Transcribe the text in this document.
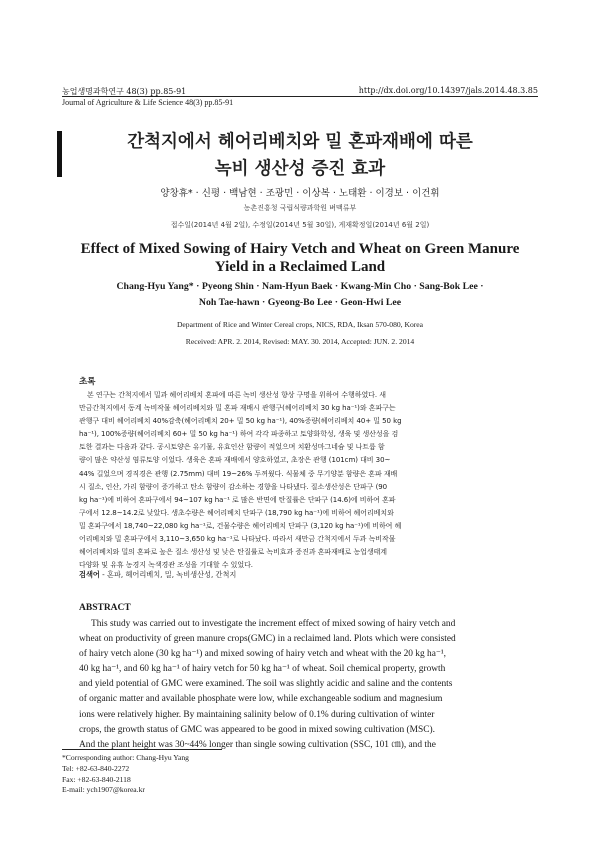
농업생명과학연구 48(3) pp.85-91	http://dx.doi.org/10.14397/jals.2014.48.3.85
Journal of Agriculture & Life Science 48(3) pp.85-91
간척지에서 헤어리베치와 밀 혼파재배에 따른
녹비 생산성 증진 효과
양창휴* · 신평 · 백남현 · 조광민 · 이상복 · 노태환 · 이경보 · 이건휘
농촌진흥청 국립식량과학원 벼맥류부
접수일(2014년 4월 2일), 수정일(2014년 5월 30일), 게재확정일(2014년 6월 2일)
Effect of Mixed Sowing of Hairy Vetch and Wheat on Green Manure
Yield in a Reclaimed Land
Chang-Hyu Yang* · Pyeong Shin · Nam-Hyun Baek · Kwang-Min Cho · Sang-Bok Lee ·
Noh Tae-hawn · Gyeong-Bo Lee · Geon-Hwi Lee
Department of Rice and Winter Cereal crops, NICS, RDA, Iksan 570-080, Korea
Received: APR. 2. 2014, Revised: MAY. 30. 2014, Accepted: JUN. 2. 2014
초록
본 연구는 간척지에서 밀과 헤어리베치 혼파에 따른 녹비 생산성 향상 구명을 위하여 수행하였다. 새
만금간척지에서 동계 녹비작물 헤어리베치와 밀 혼파 재배시 관행구(헤어리베치 30 kg ha⁻¹)와 혼파구는
관행구 대비 헤어리베치 40%감축(헤어리베치 20+ 밀 50 kg ha⁻¹), 40%증량(헤어리베치 40+ 밀 50 kg
ha⁻¹), 100%증량(헤어리베치 60+ 밀 50 kg ha⁻¹) 하여 각각 파종하고 토양화학성, 생육 및 생산성을 검
토한 결과는 다음과 같다. 공시토양은 유기물, 유효인산 함량이 적었으며 치환성마그네슘 및 나트륨 함
량이 많은 약산성 염류토양 이었다. 생육은 혼파 재배에서 양호하였고, 초장은 관행 (101cm) 대비 30~
44% 길었으며 경직경은 관행 (2.75mm) 대비 19~26% 두꺼웠다. 식물체 중 무기양분 함량은 혼파 재배
시 질소, 인산, 가리 함량이 증가하고 탄소 함량이 감소하는 경향을 나타냈다. 질소생산성은 단파구 (90
kg ha⁻¹)에 비하여 혼파구에서 94~107 kg ha⁻¹ 로 많은 반면에 탄질률은 단파구 (14.6)에 비하여 혼파
구에서 12.8~14.2로 낮았다. 생초수량은 헤어리베치 단파구 (18,790 kg ha⁻¹)에 비하여 헤어리베치와
밀 혼파구에서 18,740~22,080 kg ha⁻¹로, 건물수량은 헤어리베치 단파구 (3,120 kg ha⁻¹)에 비하여 헤
어리베치와 밀 혼파구에서 3,110~3,650 kg ha⁻¹로 나타났다. 따라서 새만금 간척지에서 두과 녹비작물
헤어리베치와 밀의 혼파로 높은 질소 생산성 및 낮은 탄질률로 녹비효과 증진과 혼파재배로 농업생태계
다양화 및 유휴 농경지 녹색경관 조성을 기대할 수 있었다.
검색어 - 혼파, 헤어리베치, 밀, 녹비생산성, 간척지
ABSTRACT
This study was carried out to investigate the increment effect of mixed sowing of hairy vetch and
wheat on productivity of green manure crops(GMC) in a reclaimed land. Plots which were consisted
of hairy vetch alone (30 kg ha⁻¹) and mixed sowing of hairy vetch and wheat with the 20 kg ha⁻¹,
40 kg ha⁻¹, and 60 kg ha⁻¹ of hairy vetch for 50 kg ha⁻¹ of wheat. Soil chemical property, growth
and yield potential of GMC were examined. The soil was slightly acidic and saline and the contents
of organic matter and available phosphate were low, while exchangeable sodium and magnesium
ions were relatively higher. By maintaining salinity below of 0.1% during cultivation of winter
crops, the growth status of GMC was appeared to be good in mixed sowing cultivation (MSC).
And the plant height was 30~44% longer than single sowing cultivation (SSC, 101 ㎝), and the
*Corresponding author: Chang-Hyu Yang
Tel: +82-63-840-2272
Fax: +82-63-840-2118
E-mail: ych1907@korea.kr
